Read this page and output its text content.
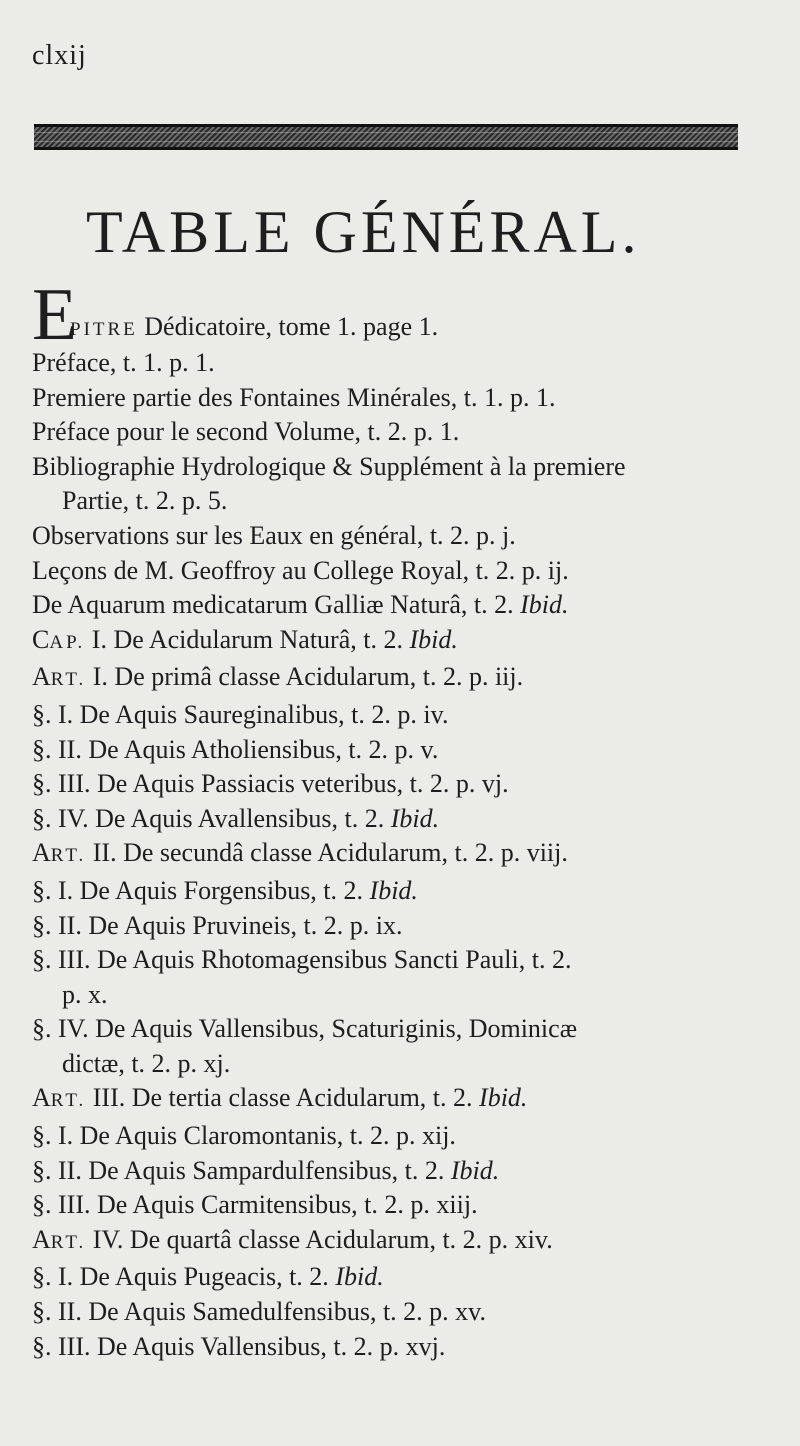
clxij
TABLE GÉNÉRAL.
E
PITRE Dédicatoire, tome 1. page 1.
Préface, t. 1. p. 1.
Premiere partie des Fontaines Minérales, t. 1. p. 1.
Préface pour le second Volume, t. 2. p. 1.
Bibliographie Hydrologique & Supplément à la premiere
Partie, t. 2. p. 5.
Observations sur les Eaux en général, t. 2. p. j.
Leçons de M. Geoffroy au College Royal, t. 2. p. ij.
De Aquarum medicatarum Galliæ Naturâ, t. 2. Ibid.
CAP. I. De Acidularum Naturâ, t. 2. Ibid.
ART. I. De primâ classe Acidularum, t. 2. p. iij.
§. I. De Aquis Saureginalibus, t. 2. p. iv.
§. II. De Aquis Atholiensibus, t. 2. p. v.
§. III. De Aquis Passiacis veteribus, t. 2. p. vj.
§. IV. De Aquis Avallensibus, t. 2. Ibid.
ART. II. De secundâ classe Acidularum, t. 2. p. viij.
§. I. De Aquis Forgensibus, t. 2. Ibid.
§. II. De Aquis Pruvineis, t. 2. p. ix.
§. III. De Aquis Rhotomagensibus Sancti Pauli, t. 2.
p. x.
§. IV. De Aquis Vallensibus, Scaturiginis, Dominicæ
dictæ, t. 2. p. xj.
ART. III. De tertia classe Acidularum, t. 2. Ibid.
§. I. De Aquis Claromontanis, t. 2. p. xij.
§. II. De Aquis Sampardulfensibus, t. 2. Ibid.
§. III. De Aquis Carmitensibus, t. 2. p. xiij.
ART. IV. De quartâ classe Acidularum, t. 2. p. xiv.
§. I. De Aquis Pugeacis, t. 2. Ibid.
§. II. De Aquis Samedulfensibus, t. 2. p. xv.
§. III. De Aquis Vallensibus, t. 2. p. xvj.
